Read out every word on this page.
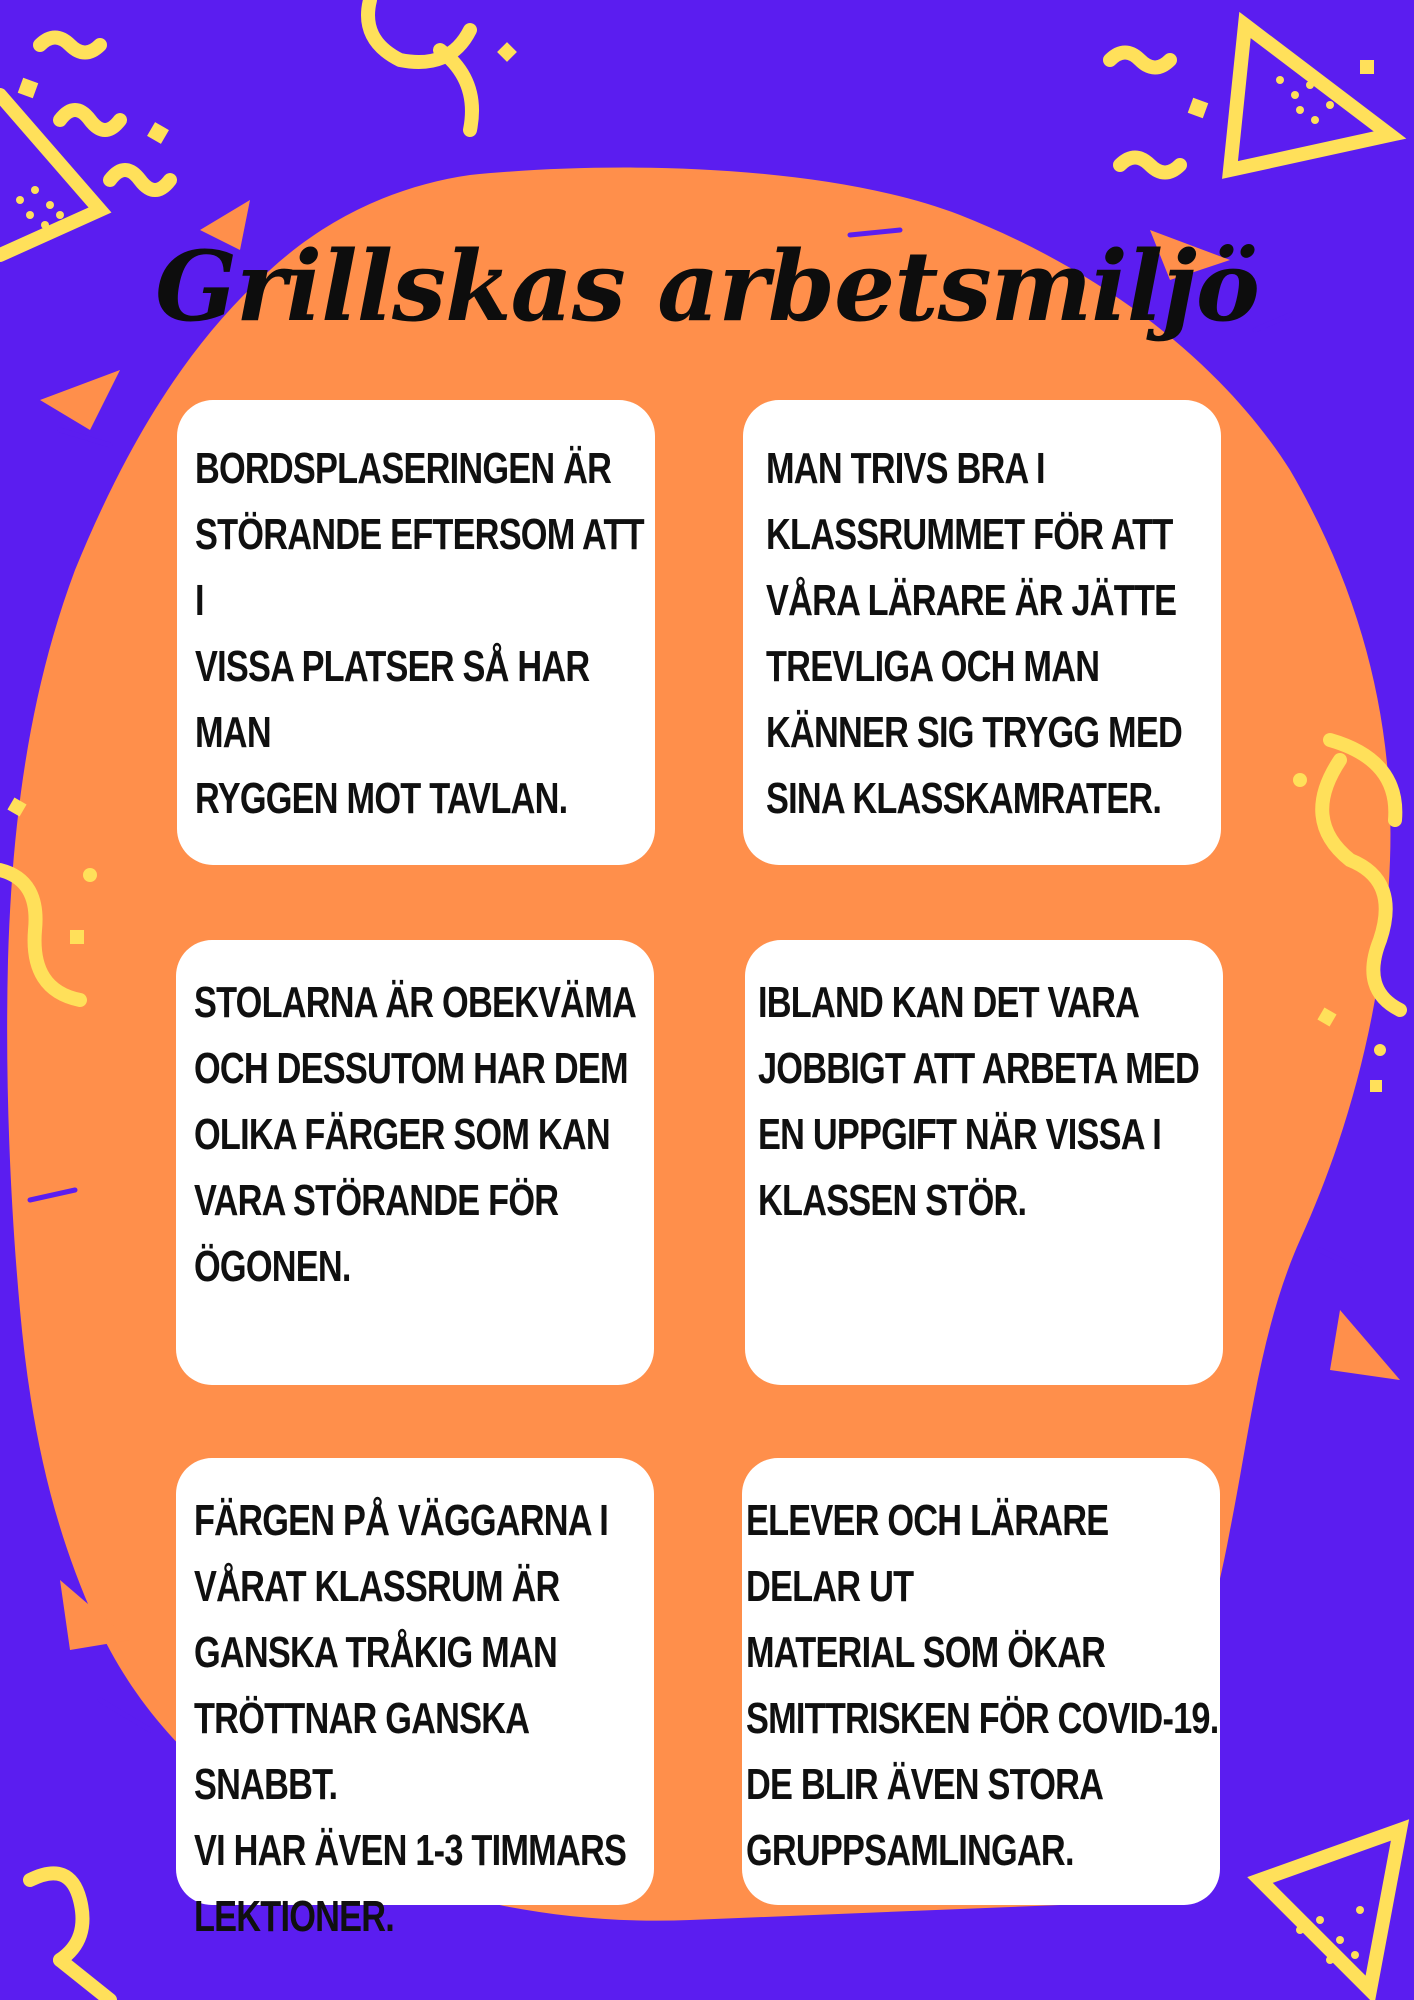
Grillskas arbetsmiljö

BORDSPLASERINGEN ÄR
STÖRANDE EFTERSOM ATT I
VISSA PLATSER SÅ HAR MAN
RYGGEN MOT TAVLAN.

MAN TRIVS BRA I
KLASSRUMMET FÖR ATT
VÅRA LÄRARE ÄR JÄTTE
TREVLIGA OCH MAN
KÄNNER SIG TRYGG MED
SINA KLASSKAMRATER.

STOLARNA ÄR OBEKVÄMA
OCH DESSUTOM HAR DEM
OLIKA FÄRGER SOM KAN
VARA STÖRANDE FÖR
ÖGONEN.

IBLAND KAN DET VARA
JOBBIGT ATT ARBETA MED
EN UPPGIFT NÄR VISSA I
KLASSEN STÖR.

FÄRGEN PÅ VÄGGARNA I
VÅRAT KLASSRUM ÄR
GANSKA TRÅKIG MAN
TRÖTTNAR GANSKA SNABBT.
VI HAR ÄVEN 1-3 TIMMARS
LEKTIONER.

ELEVER OCH LÄRARE DELAR UT
MATERIAL SOM ÖKAR
SMITTRISKEN FÖR COVID-19.
DE BLIR ÄVEN STORA
GRUPPSAMLINGAR.
